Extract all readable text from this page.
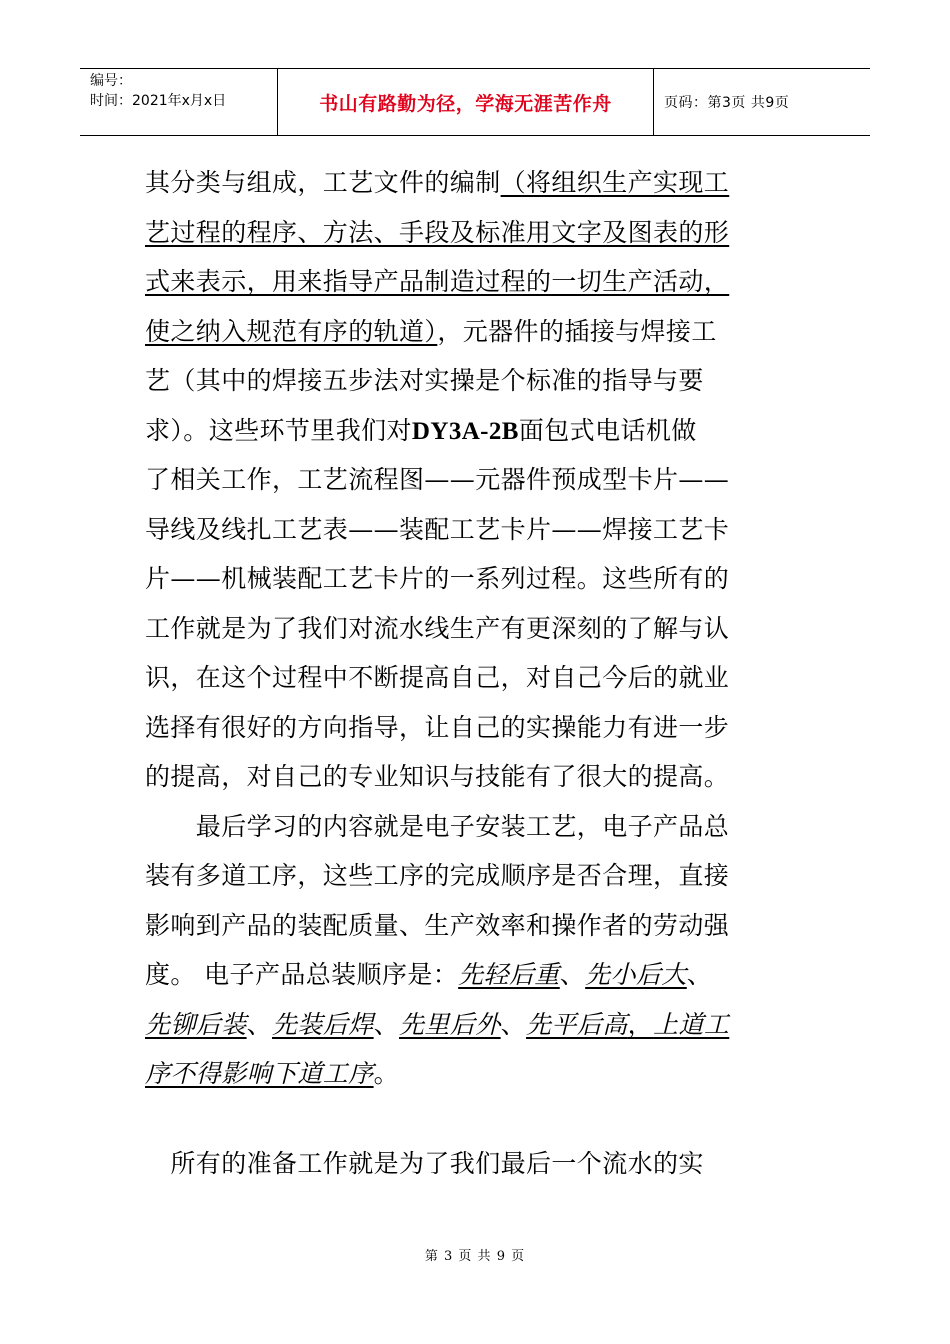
编号：
时间：2021年x月x日	书山有路勤为径，学海无涯苦作舟	页码：第3页 共9页
其分类与组成，工艺文件的编制（将组织生产实现工
艺过程的程序、方法、手段及标准用文字及图表的形
式来表示，用来指导产品制造过程的一切生产活动，
使之纳入规范有序的轨道），元器件的插接与焊接工
艺（其中的焊接五步法对实操是个标准的指导与要
求）。这些环节里我们对DY3A-2B面包式电话机做
了相关工作，工艺流程图——元器件预成型卡片——
导线及线扎工艺表——装配工艺卡片——焊接工艺卡
片——机械装配工艺卡片的一系列过程。这些所有的
工作就是为了我们对流水线生产有更深刻的了解与认
识，在这个过程中不断提高自己，对自己今后的就业
选择有很好的方向指导，让自己的实操能力有进一步
的提高，对自己的专业知识与技能有了很大的提高。
　　最后学习的内容就是电子安装工艺，电子产品总
装有多道工序，这些工序的完成顺序是否合理，直接
影响到产品的装配质量、生产效率和操作者的劳动强
度。 电子产品总装顺序是：先轻后重、先小后大、
先铆后装、先装后焊、先里后外、先平后高，上道工
序不得影响下道工序。
　所有的准备工作就是为了我们最后一个流水的实
第 3 页 共 9 页
